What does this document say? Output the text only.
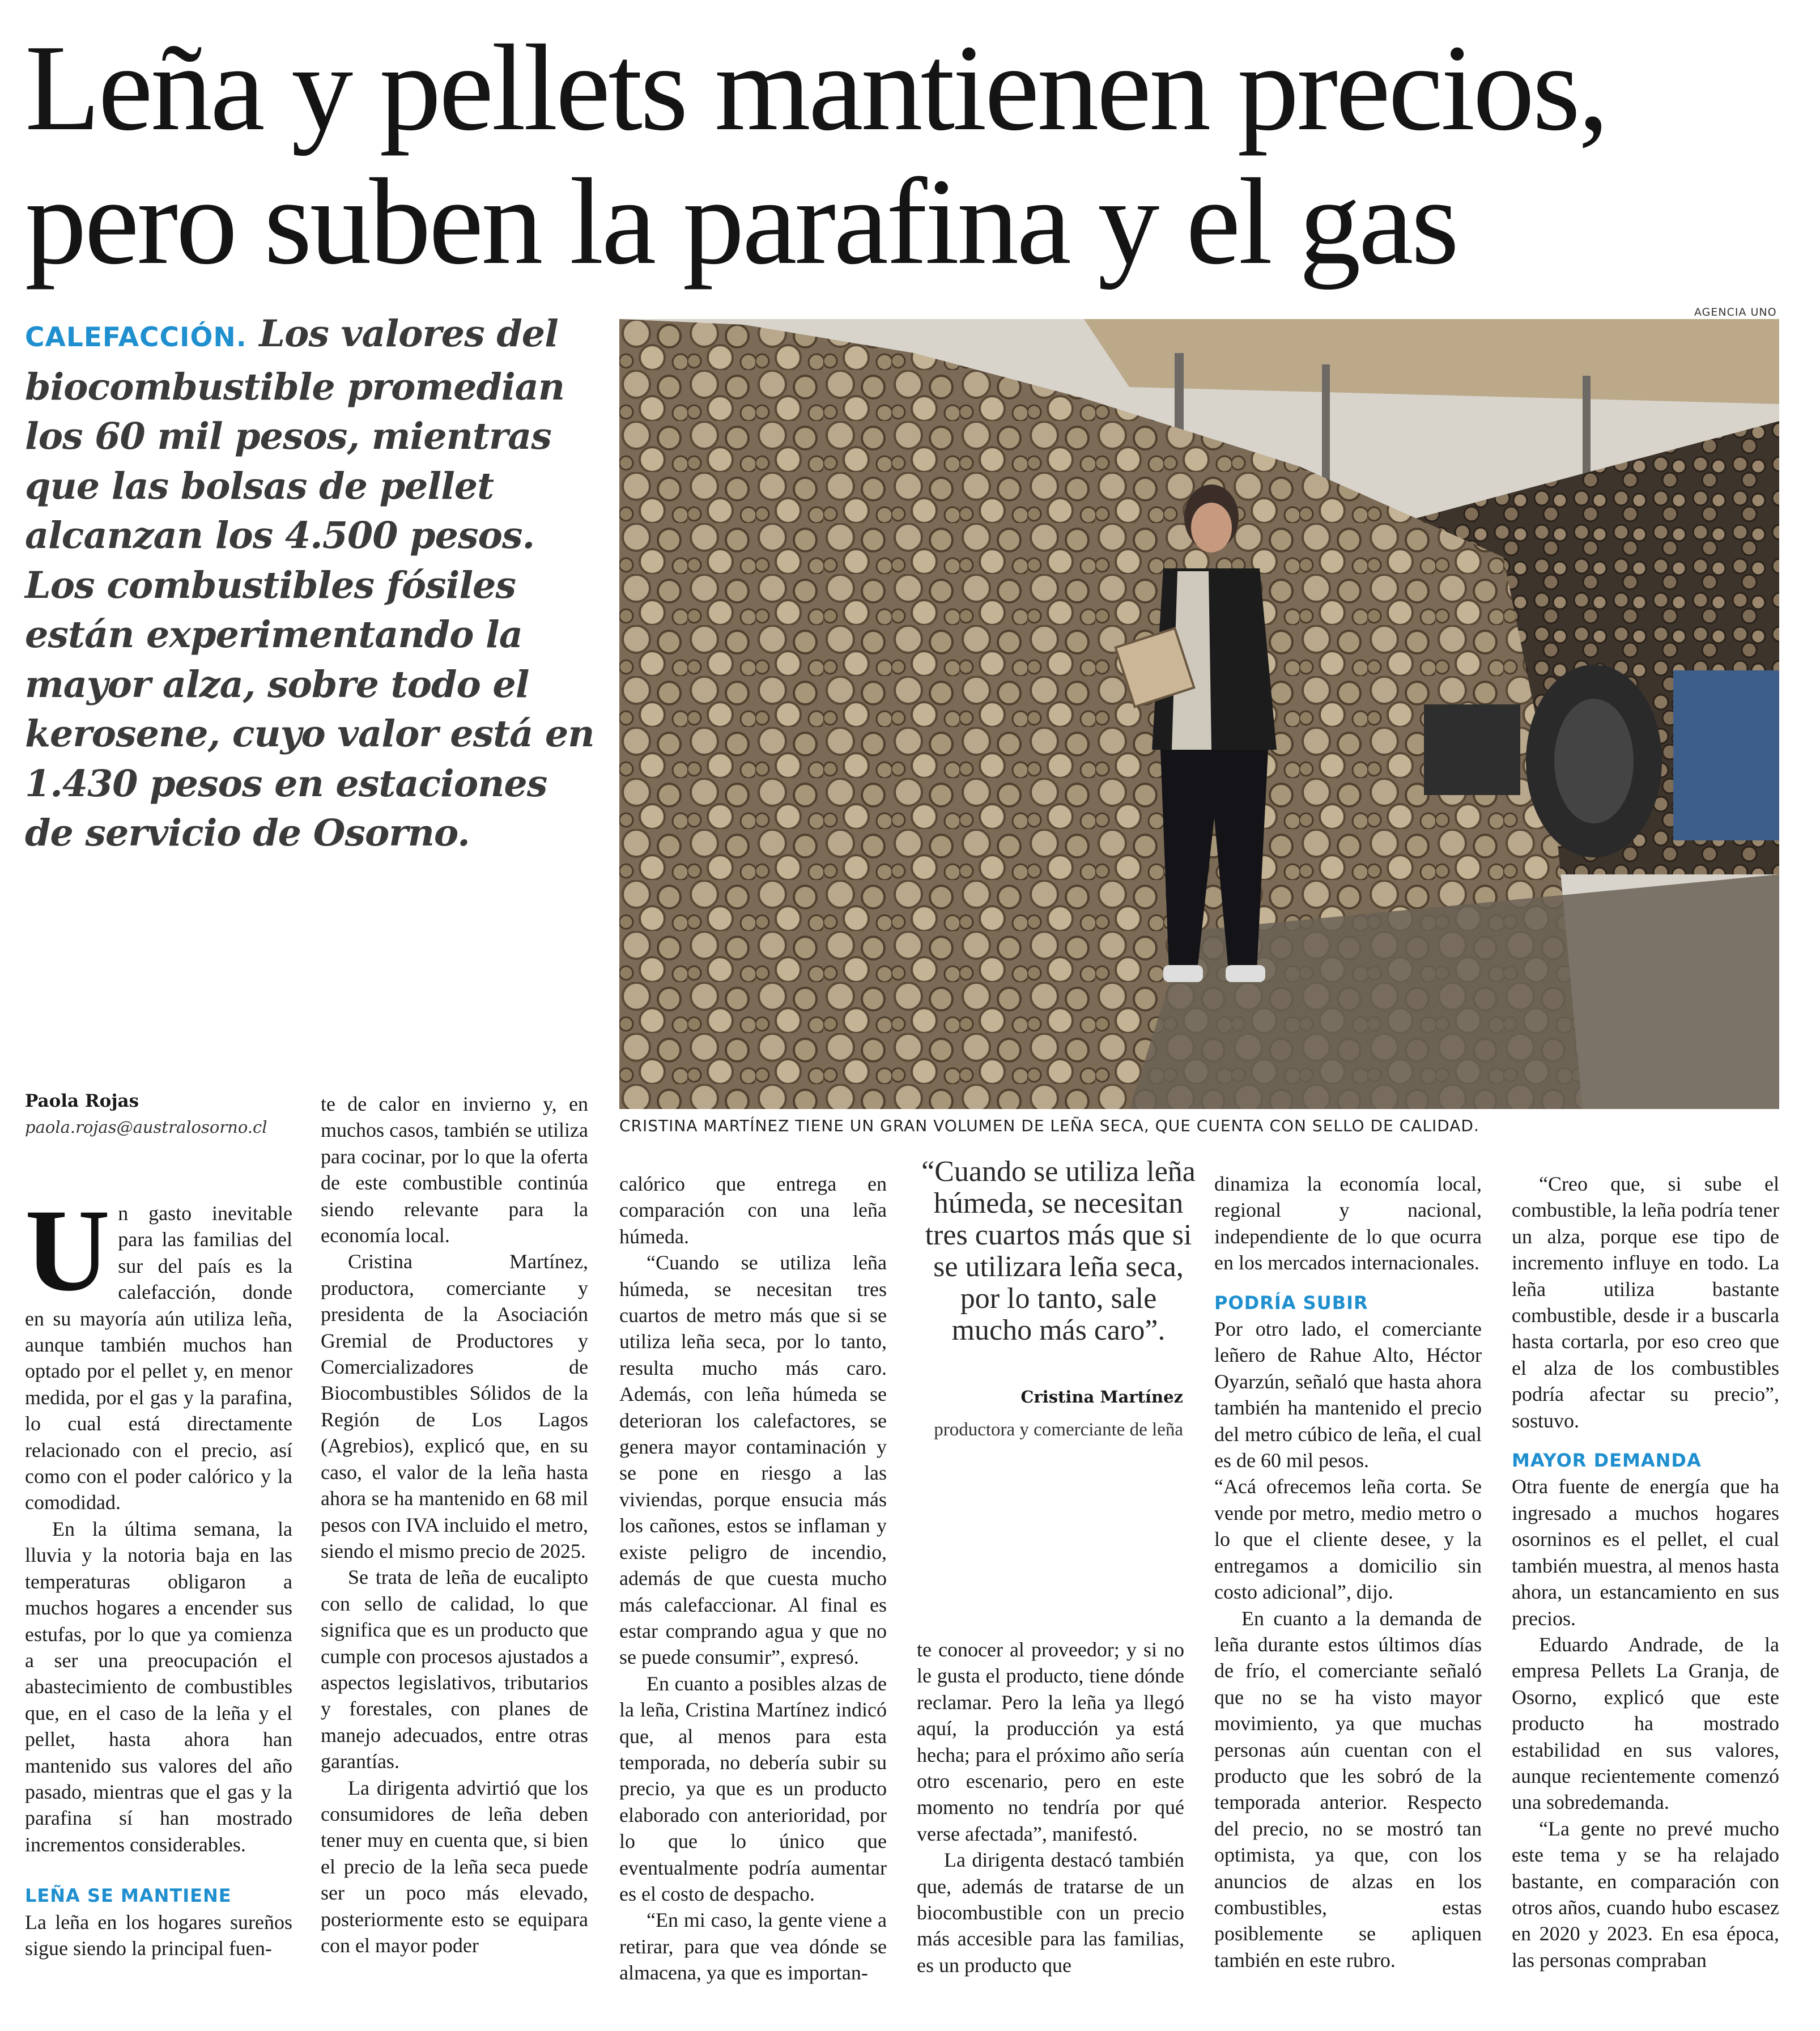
Leña y pellets mantienen precios,
pero suben la parafina y el gas
CALEFACCIÓN. Los valores del biocombustible promedian los 60 mil pesos, mientras que las bolsas de pellet alcanzan los 4.500 pesos. Los combustibles fósiles están experimentando la mayor alza, sobre todo el kerosene, cuyo valor está en 1.430 pesos en estaciones de servicio de Osorno.
AGENCIA UNO
CRISTINA MARTÍNEZ TIENE UN GRAN VOLUMEN DE LEÑA SECA, QUE CUENTA CON SELLO DE CALIDAD.
Paola Rojas
paola.rojas@australosorno.cl
U n gasto inevitable para las familias del sur del país es la calefacción, donde en su mayoría aún utiliza leña, aunque también muchos han optado por el pellet y, en menor medida, por el gas y la parafina, lo cual está directamente relacionado con el precio, así como con el poder calórico y la comodidad.

En la última semana, la lluvia y la notoria baja en las temperaturas obligaron a muchos hogares a encender sus estufas, por lo que ya comienza a ser una preocupación el abastecimiento de combustibles que, en el caso de la leña y el pellet, hasta ahora han mantenido sus valores del año pasado, mientras que el gas y la parafina sí han mostrado incrementos considerables.

LEÑA SE MANTIENE

La leña en los hogares sureños sigue siendo la principal fuen-

te de calor en invierno y, en muchos casos, también se utiliza para cocinar, por lo que la oferta de este combustible continúa siendo relevante para la economía local.

Cristina Martínez, productora, comerciante y presidenta de la Asociación Gremial de Productores y Comercializadores de Biocombustibles Sólidos de la Región de Los Lagos (Agrebios), explicó que, en su caso, el valor de la leña hasta ahora se ha mantenido en 68 mil pesos con IVA incluido el metro, siendo el mismo precio de 2025.

Se trata de leña de eucalipto con sello de calidad, lo que significa que es un producto que cumple con procesos ajustados a aspectos legislativos, tributarios y forestales, con planes de manejo adecuados, entre otras garantías.

La dirigenta advirtió que los consumidores de leña deben tener muy en cuenta que, si bien el precio de la leña seca puede ser un poco más elevado, posteriormente esto se equipara con el mayor poder

calórico que entrega en comparación con una leña húmeda.

“Cuando se utiliza leña húmeda, se necesitan tres cuartos de metro más que si se utiliza leña seca, por lo tanto, resulta mucho más caro. Además, con leña húmeda se deterioran los calefactores, se genera mayor contaminación y se pone en riesgo a las viviendas, porque ensucia más los cañones, estos se inflaman y existe peligro de incendio, además de que cuesta mucho más calefaccionar. Al final es estar comprando agua y que no se puede consumir”, expresó.

En cuanto a posibles alzas de la leña, Cristina Martínez indicó que, al menos para esta temporada, no debería subir su precio, ya que es un producto elaborado con anterioridad, por lo que lo único que eventualmente podría aumentar es el costo de despacho.

“En mi caso, la gente viene a retirar, para que vea dónde se almacena, ya que es importan-

“Cuando se utiliza leña húmeda, se necesitan tres cuartos más que si se utilizara leña seca, por lo tanto, sale mucho más caro”.
Cristina Martínez
productora y comerciante de leña

te conocer al proveedor; y si no le gusta el producto, tiene dónde reclamar. Pero la leña ya llegó aquí, la producción ya está hecha; para el próximo año sería otro escenario, pero en este momento no tendría por qué verse afectada”, manifestó.

La dirigenta destacó también que, además de tratarse de un biocombustible con un precio más accesible para las familias, es un producto que

dinamiza la economía local, regional y nacional, independiente de lo que ocurra en los mercados internacionales.

PODRÍA SUBIR

Por otro lado, el comerciante leñero de Rahue Alto, Héctor Oyarzún, señaló que hasta ahora también ha mantenido el precio del metro cúbico de leña, el cual es de 60 mil pesos.

“Acá ofrecemos leña corta. Se vende por metro, medio metro o lo que el cliente desee, y la entregamos a domicilio sin costo adicional”, dijo.

En cuanto a la demanda de leña durante estos últimos días de frío, el comerciante señaló que no se ha visto mayor movimiento, ya que muchas personas aún cuentan con el producto que les sobró de la temporada anterior. Respecto del precio, no se mostró tan optimista, ya que, con los anuncios de alzas en los combustibles, estas posiblemente se apliquen también en este rubro.

“Creo que, si sube el combustible, la leña podría tener un alza, porque ese tipo de incremento influye en todo. La leña utiliza bastante combustible, desde ir a buscarla hasta cortarla, por eso creo que el alza de los combustibles podría afectar su precio”, sostuvo.

MAYOR DEMANDA

Otra fuente de energía que ha ingresado a muchos hogares osorninos es el pellet, el cual también muestra, al menos hasta ahora, un estancamiento en sus precios.

Eduardo Andrade, de la empresa Pellets La Granja, de Osorno, explicó que este producto ha mostrado estabilidad en sus valores, aunque recientemente comenzó una sobredemanda.

“La gente no prevé mucho este tema y se ha relajado bastante, en comparación con otros años, cuando hubo escasez en 2020 y 2023. En esa época, las personas compraban
